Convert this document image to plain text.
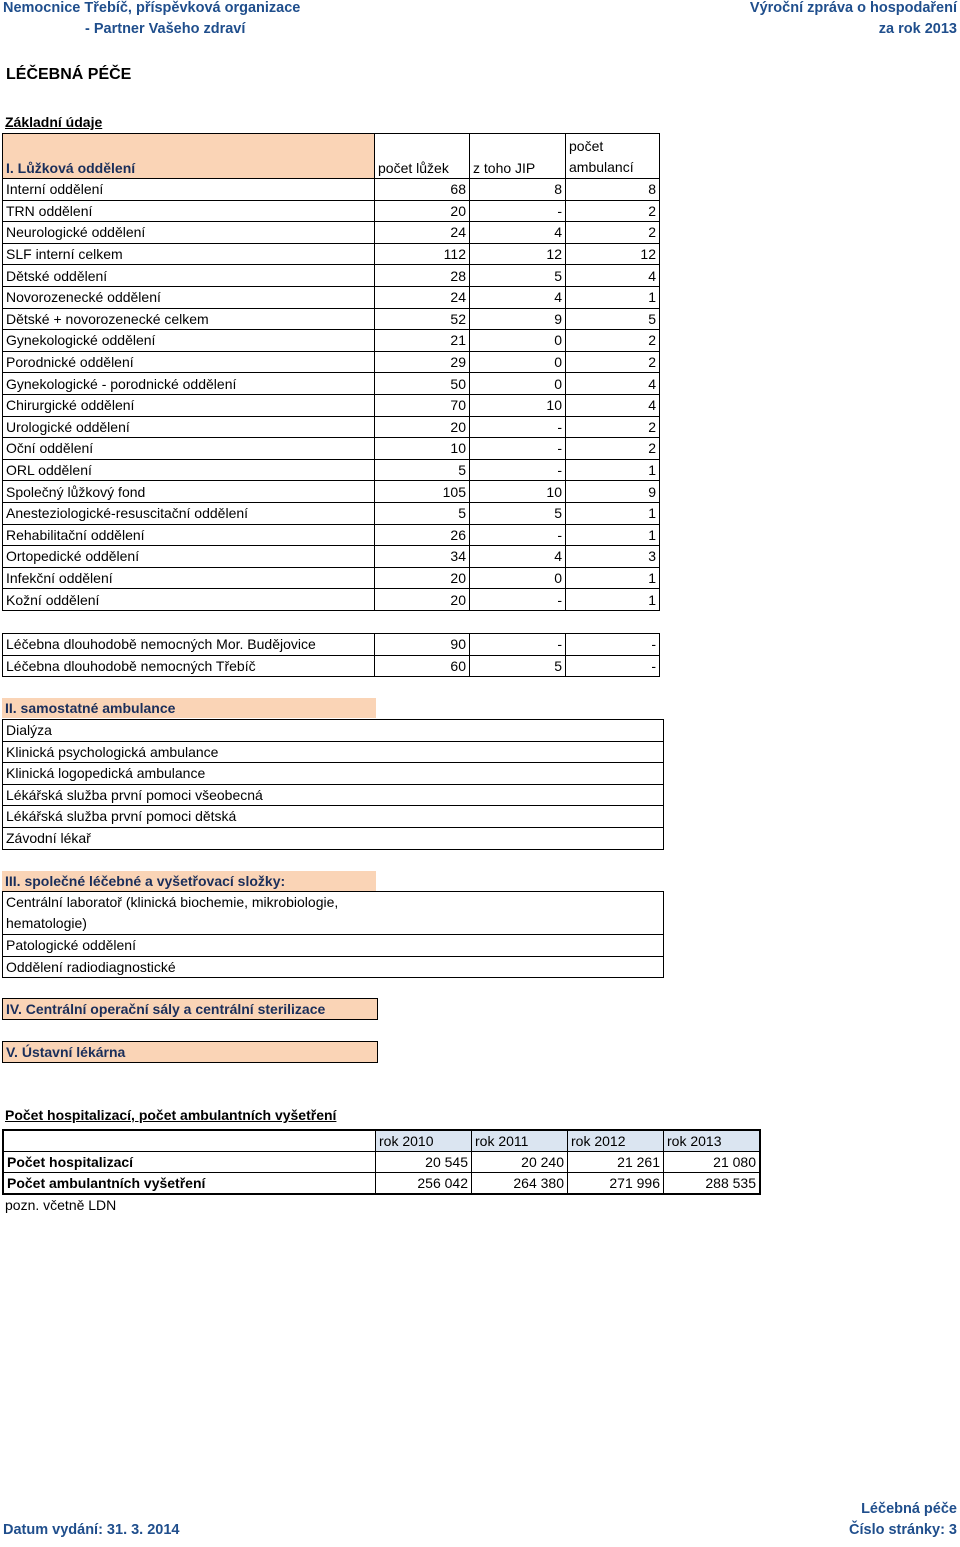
Nemocnice Třebíč, příspěvková organizace
- Partner Vašeho zdraví
Výroční zpráva o hospodaření
za rok 2013
LÉČEBNÁ PÉČE
Základní údaje
I. Lůžková oddělení	počet lůžek	z toho JIP	počet
ambulancí
Interní oddělení	68	8	8
TRN oddělení	20	-	2
Neurologické oddělení	24	4	2
SLF interní celkem	112	12	12
Dětské oddělení	28	5	4
Novorozenecké oddělení	24	4	1
Dětské + novorozenecké celkem	52	9	5
Gynekologické oddělení	21	0	2
Porodnické oddělení	29	0	2
Gynekologické - porodnické oddělení	50	0	4
Chirurgické oddělení	70	10	4
Urologické oddělení	20	-	2
Oční oddělení	10	-	2
ORL oddělení	5	-	1
Společný lůžkový fond	105	10	9
Anesteziologické-resuscitační oddělení	5	5	1
Rehabilitační oddělení	26	-	1
Ortopedické oddělení	34	4	3
Infekční oddělení	20	0	1
Kožní oddělení	20	-	1
Léčebna dlouhodobě nemocných Mor. Budějovice	90	-	-
Léčebna dlouhodobě nemocných Třebíč	60	5	-
II. samostatné ambulance
Dialýza
Klinická psychologická ambulance
Klinická logopedická ambulance
Lékářská služba první pomoci všeobecná
Lékářská služba první pomoci dětská
Závodní lékař
III. společné léčebné a vyšetřovací složky:
Centrální laboratoř (klinická biochemie, mikrobiologie,
hematologie)
Patologické oddělení
Oddělení radiodiagnostické
IV. Centrální operační sály a centrální sterilizace
V. Ústavní lékárna
Počet hospitalizací, počet ambulantních vyšetření
	rok 2010	rok 2011	rok 2012	rok 2013
Počet hospitalizací	20 545	20 240	21 261	21 080
Počet ambulantních vyšetření	256 042	264 380	271 996	288 535
pozn. včetně LDN
Datum vydání: 31. 3. 2014
Léčebná péče
Číslo stránky: 3
